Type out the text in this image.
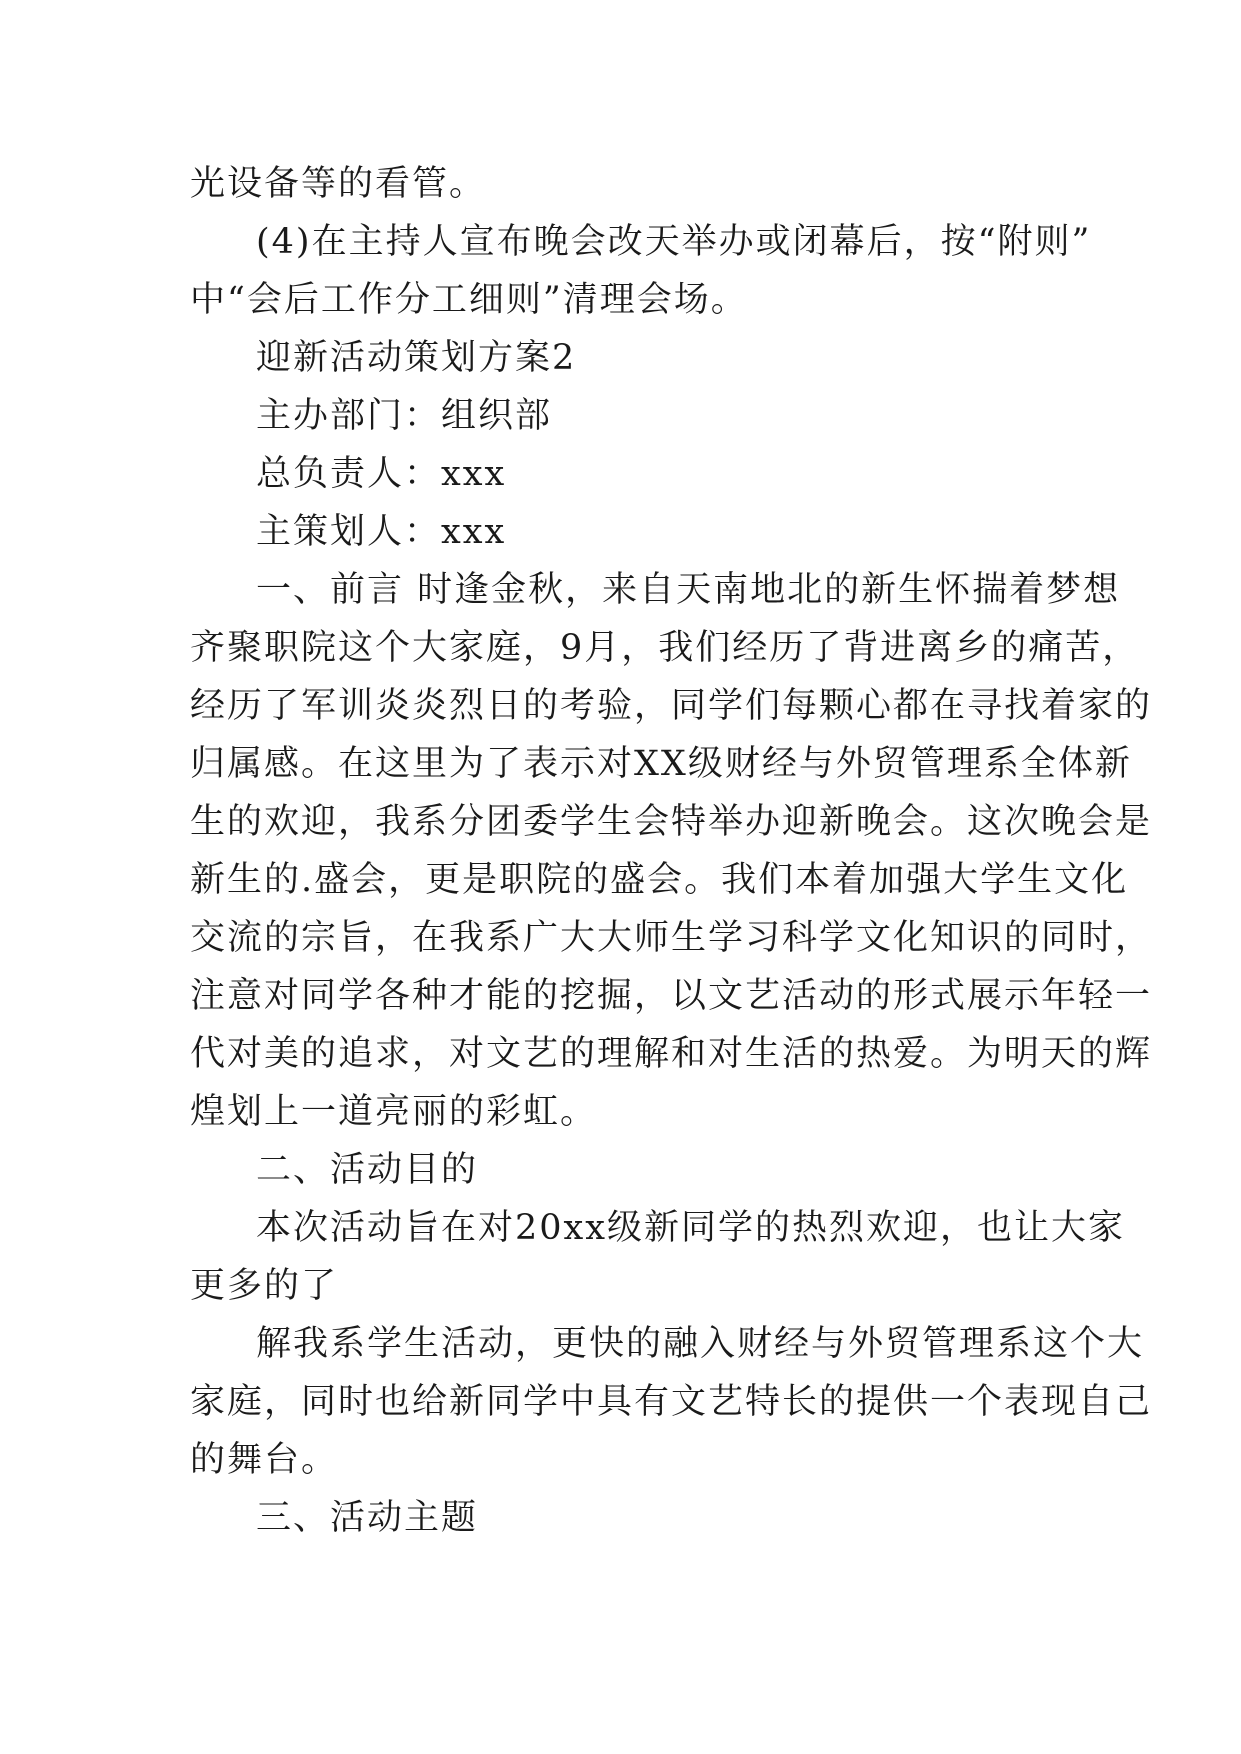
光设备等的看管。
(4)在主持人宣布晚会改天举办或闭幕后，按“附则”
中“会后工作分工细则”清理会场。
迎新活动策划方案2
主办部门：组织部
总负责人：xxx
主策划人：xxx
一、前言 时逢金秋，来自天南地北的新生怀揣着梦想
齐聚职院这个大家庭，9月，我们经历了背进离乡的痛苦，
经历了军训炎炎烈日的考验，同学们每颗心都在寻找着家的
归属感。在这里为了表示对XX级财经与外贸管理系全体新
生的欢迎，我系分团委学生会特举办迎新晚会。这次晚会是
新生的.盛会，更是职院的盛会。我们本着加强大学生文化
交流的宗旨，在我系广大大师生学习科学文化知识的同时，
注意对同学各种才能的挖掘，以文艺活动的形式展示年轻一
代对美的追求，对文艺的理解和对生活的热爱。为明天的辉
煌划上一道亮丽的彩虹。
二、活动目的
本次活动旨在对20xx级新同学的热烈欢迎，也让大家
更多的了
解我系学生活动，更快的融入财经与外贸管理系这个大
家庭，同时也给新同学中具有文艺特长的提供一个表现自己
的舞台。
三、活动主题
